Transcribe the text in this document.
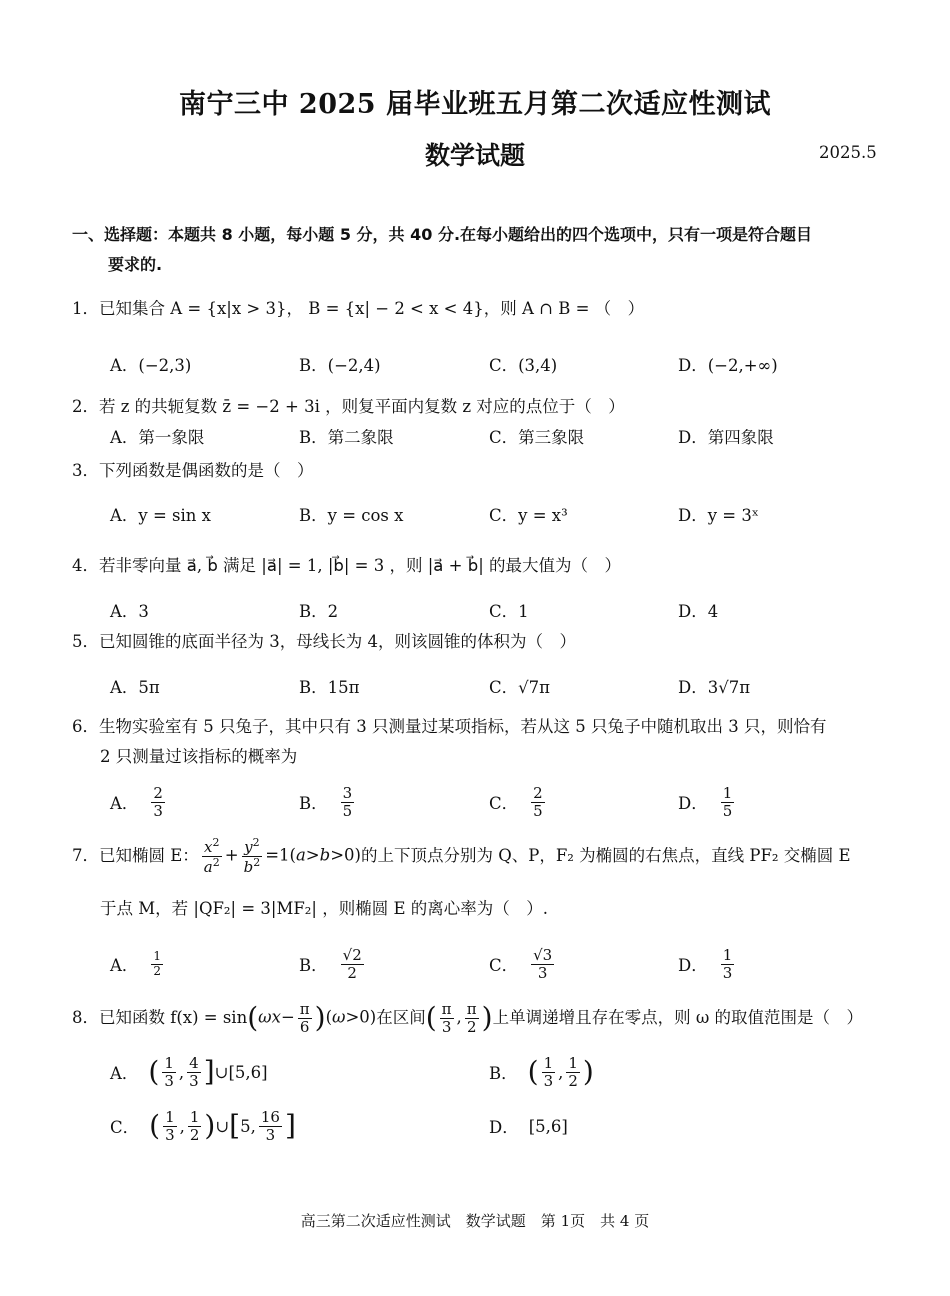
南宁三中 2025 届毕业班五月第二次适应性测试
数学试题	2025.5
一、选择题：本题共 8 小题，每小题 5 分，共 40 分.在每小题给出的四个选项中，只有一项是符合题目
要求的.
1．已知集合 A = {x|x > 3}， B = {x| − 2 < x < 4}，则 A ∩ B = （　）
A．(−2,3)	B．(−2,4)	C．(3,4)	D．(−2,+∞)
2．若 z 的共轭复数 z̄ = −2 + 3i ，则复平面内复数 z 对应的点位于（　）
A．第一象限	B．第二象限	C．第三象限	D．第四象限
3．下列函数是偶函数的是（　）
A．y = sin x	B．y = cos x	C．y = x³	D．y = 3ˣ
4．若非零向量 a⃗, b⃗ 满足 |a⃗| = 1, |b⃗| = 3 ，则 |a⃗ + b⃗| 的最大值为（　）
A．3	B．2	C．1	D．4
5．已知圆锥的底面半径为 3，母线长为 4，则该圆锥的体积为（　）
A．5π	B．15π	C．√7π	D．3√7π
6．生物实验室有 5 只兔子，其中只有 3 只测量过某项指标，若从这 5 只兔子中随机取出 3 只，则恰有
2 只测量过该指标的概率为
A． $\frac{2}{3}$	B． $\frac{3}{5}$	C． $\frac{2}{5}$	D． $\frac{1}{5}$
7．已知椭圆 E： $\frac{x^2}{a^2} + \frac{y^2}{b^2} =1(a>b>0)$ 的上下顶点分别为 Q、P，F₂ 为椭圆的右焦点，直线 PF₂ 交椭圆 E
于点 M，若 |QF₂| = 3|MF₂| ，则椭圆 E 的离心率为（　）.
A． $\frac{1}{2}$	B． $\frac{√2}{2}$	C． $\frac{√3}{3}$	D． $\frac{1}{3}$
8．已知函数 $f(x) = \sin (\omega x- \frac{\pi}{6} )(\omega>0)$ 在区间 ( $\frac{\pi}{3}$ , $\frac{\pi}{2}$ ) 上单调递增且存在零点，则 ω 的取值范围是（　）
A． ( $\frac{1}{3}$ , $\frac{4}{3}$ ] ∪[5,6]	B． ( $\frac{1}{3}$ , $\frac{1}{2}$ )
C． ( $\frac{1}{3}$ , $\frac{1}{2}$ ) ∪ [ 5, $\frac{16}{3}$ ]	D． [5,6]
高三第二次适应性测试　数学试题　第 1页　共 4 页
